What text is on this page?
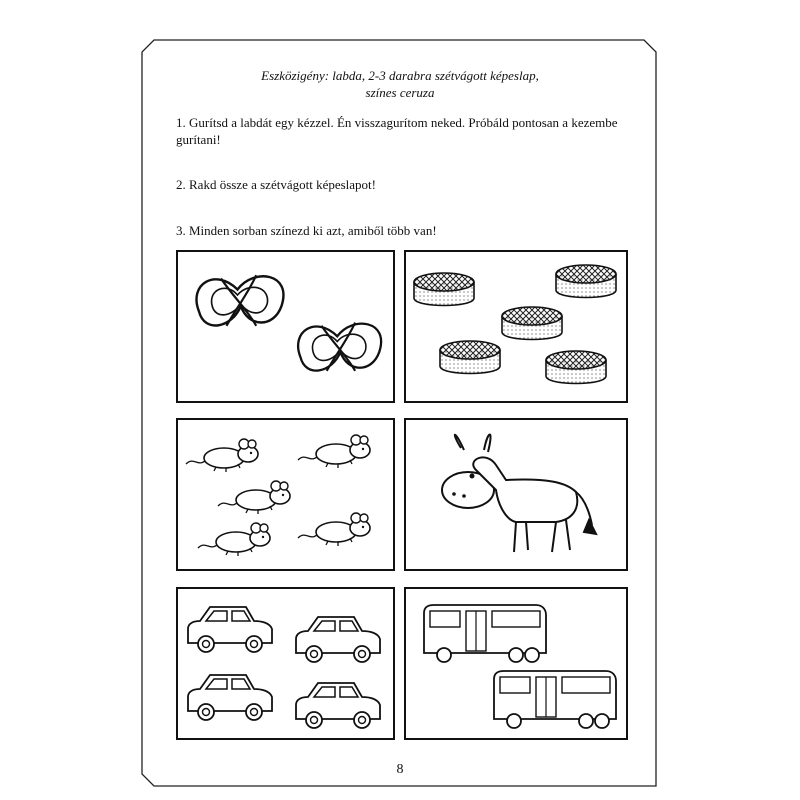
Eszközigény: labda, 2-3 darabra szétvágott képeslap,
színes ceruza

1. Gurítsd a labdát egy kézzel. Én visszagurítom neked. Próbáld pontosan a kezembe gurítani!

2. Rakd össze a szétvágott képeslapot!

3. Minden sorban színezd ki azt, amiből több van!

8
